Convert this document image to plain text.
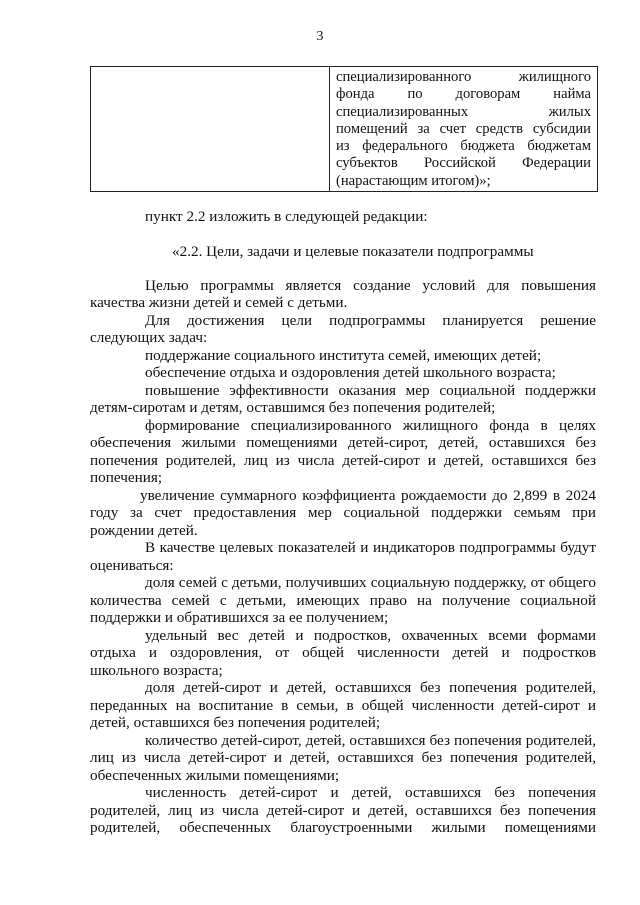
3
специализированного жилищного
фонда по договорам найма
специализированных жилых
помещений за счет средств субсидии
из федерального бюджета бюджетам
субъектов Российской Федерации
(нарастающим итогом)»;
пункт 2.2 изложить в следующей редакции:
«2.2. Цели, задачи и целевые показатели подпрограммы
Целью программы является создание условий для повышения
качества жизни детей и семей с детьми.
Для достижения цели подпрограммы планируется решение
следующих задач:
поддержание социального института семей, имеющих детей;
обеспечение отдыха и оздоровления детей школьного возраста;
повышение эффективности оказания мер социальной поддержки
детям-сиротам и детям, оставшимся без попечения родителей;
формирование специализированного жилищного фонда в целях
обеспечения жилыми помещениями детей-сирот, детей, оставшихся без
попечения родителей, лиц из числа детей-сирот и детей, оставшихся без
попечения;
увеличение суммарного коэффициента рождаемости до 2,899 в 2024
году за счет предоставления мер социальной поддержки семьям при
рождении детей.
В качестве целевых показателей и индикаторов подпрограммы будут
оцениваться:
доля семей с детьми, получивших социальную поддержку, от общего
количества семей с детьми, имеющих право на получение социальной
поддержки и обратившихся за ее получением;
удельный вес детей и подростков, охваченных всеми формами
отдыха и оздоровления, от общей численности детей и подростков
школьного возраста;
доля детей-сирот и детей, оставшихся без попечения родителей,
переданных на воспитание в семьи, в общей численности детей-сирот и
детей, оставшихся без попечения родителей;
количество детей-сирот, детей, оставшихся без попечения родителей,
лиц из числа детей-сирот и детей, оставшихся без попечения родителей,
обеспеченных жилыми помещениями;
численность детей-сирот и детей, оставшихся без попечения
родителей, лиц из числа детей-сирот и детей, оставшихся без попечения
родителей, обеспеченных благоустроенными жилыми помещениями
